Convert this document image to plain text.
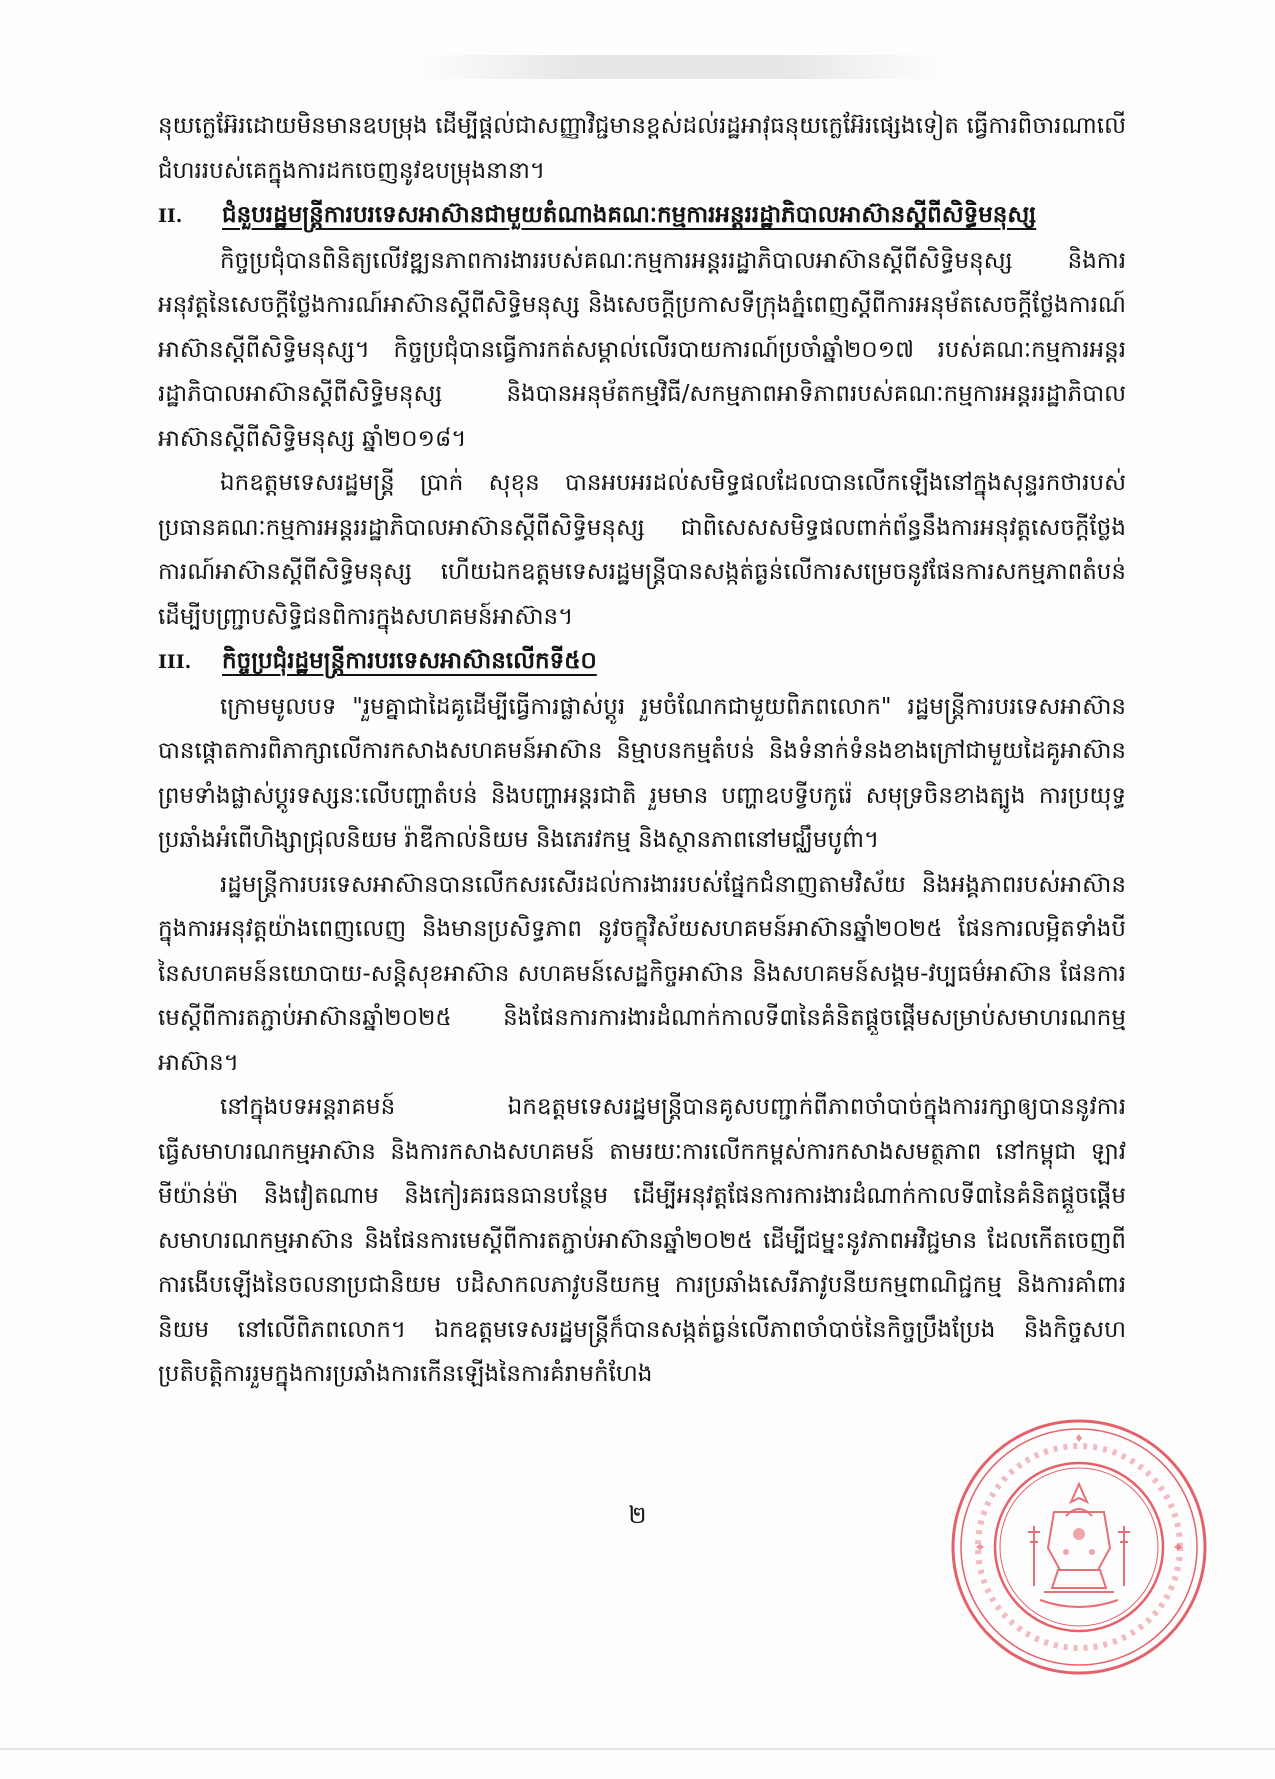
នុយក្លេអ៊ែរដោយមិនមានឧបម្រុង ដើម្បីផ្តល់ជាសញ្ញាវិជ្ជមានខ្ពស់ដល់រដ្ឋអាវុធនុយក្លេអ៊ែរផ្សេងទៀត ធ្វើការពិចារណាលើជំហររបស់គេក្នុងការដកចេញនូវឧបម្រុងនានា។

II.	ជំនួបរដ្ឋមន្ត្រីការបរទេសអាស៊ានជាមួយតំណាងគណៈកម្មការអន្តររដ្ឋាភិបាលអាស៊ានស្តីពីសិទ្ធិមនុស្ស

កិច្ចប្រជុំបានពិនិត្យលើវឌ្ឍនភាពការងាររបស់គណៈកម្មការអន្តររដ្ឋាភិបាលអាស៊ានស្តីពីសិទ្ធិមនុស្ស និងការអនុវត្តនៃសេចក្តីថ្លែងការណ៍អាស៊ានស្តីពីសិទ្ធិមនុស្ស និងសេចក្តីប្រកាសទីក្រុងភ្នំពេញស្តីពីការអនុម័តសេចក្តីថ្លែងការណ៍អាស៊ានស្តីពីសិទ្ធិមនុស្ស។ កិច្ចប្រជុំបានធ្វើការកត់សម្គាល់លើរបាយការណ៍ប្រចាំឆ្នាំ២០១៧ របស់គណៈកម្មការអន្តររដ្ឋាភិបាលអាស៊ានស្តីពីសិទ្ធិមនុស្ស និងបានអនុម័តកម្មវិធី/សកម្មភាពអាទិភាពរបស់គណៈកម្មការអន្តររដ្ឋាភិបាលអាស៊ានស្តីពីសិទ្ធិមនុស្ស ឆ្នាំ២០១៨។

ឯកឧត្តមទេសរដ្ឋមន្ត្រី ប្រាក់ សុខុន បានអបអរដល់សមិទ្ធផលដែលបានលើកឡើងនៅក្នុងសុន្ទរកថារបស់ប្រធានគណៈកម្មការអន្តររដ្ឋាភិបាលអាស៊ានស្តីពីសិទ្ធិមនុស្ស ជាពិសេសសមិទ្ធផលពាក់ព័ន្ធនឹងការអនុវត្តសេចក្តីថ្លែងការណ៍អាស៊ានស្តីពីសិទ្ធិមនុស្ស ហើយឯកឧត្តមទេសរដ្ឋមន្ត្រីបានសង្កត់ធ្ងន់លើការសម្រេចនូវផែនការសកម្មភាពតំបន់ដើម្បីបញ្ជ្រាបសិទ្ធិជនពិការក្នុងសហគមន៍អាស៊ាន។

III.	កិច្ចប្រជុំរដ្ឋមន្ត្រីការបរទេសអាស៊ានលើកទី៥០

ក្រោមមូលបទ "រួមគ្នាជាដៃគូដើម្បីធ្វើការផ្លាស់ប្តូរ រួមចំណែកជាមួយពិភពលោក" រដ្ឋមន្ត្រីការបរទេសអាស៊ានបានផ្តោតការពិភាក្សាលើការកសាងសហគមន៍អាស៊ាន និម្មាបនកម្មតំបន់ និងទំនាក់ទំនងខាងក្រៅជាមួយដៃគូអាស៊ាន ព្រមទាំងផ្លាស់ប្តូរទស្សនៈលើបញ្ហាតំបន់ និងបញ្ហាអន្តរជាតិ រួមមាន បញ្ហាឧបទ្វីបកូរ៉េ សមុទ្រចិនខាងត្បូង ការប្រយុទ្ធប្រឆាំងអំពើហិង្សាជ្រុលនិយម រ៉ាឌីកាល់និយម និងភេរវកម្ម និងស្ថានភាពនៅមជ្ឈឹមបូព៌ា។

រដ្ឋមន្ត្រីការបរទេសអាស៊ានបានលើកសរសើរដល់ការងាររបស់ផ្នែកជំនាញតាមវិស័យ និងអង្គភាពរបស់អាស៊ាន ក្នុងការអនុវត្តយ៉ាងពេញលេញ និងមានប្រសិទ្ធភាព នូវចក្ខុវិស័យសហគមន៍អាស៊ានឆ្នាំ២០២៥ ផែនការលម្អិតទាំងបីនៃសហគមន៍នយោបាយ-សន្តិសុខអាស៊ាន សហគមន៍សេដ្ឋកិច្ចអាស៊ាន និងសហគមន៍សង្គម-វប្បធម៌អាស៊ាន ផែនការមេស្តីពីការតភ្ជាប់អាស៊ានឆ្នាំ២០២៥ និងផែនការការងារដំណាក់កាលទី៣នៃគំនិតផ្តួចផ្តើមសម្រាប់សមាហរណកម្មអាស៊ាន។

នៅក្នុងបទអន្តរាគមន៍ ឯកឧត្តមទេសរដ្ឋមន្ត្រីបានគូសបញ្ជាក់ពីភាពចាំបាច់ក្នុងការរក្សាឲ្យបាននូវការធ្វើសមាហរណកម្មអាស៊ាន និងការកសាងសហគមន៍ តាមរយៈការលើកកម្ពស់ការកសាងសមត្ថភាព នៅកម្ពុជា ឡាវ មីយ៉ាន់ម៉ា និងវៀតណាម និងកៀរគរធនធានបន្ថែម ដើម្បីអនុវត្តផែនការការងារដំណាក់កាលទី៣នៃគំនិតផ្តួចផ្តើមសមាហរណកម្មអាស៊ាន និងផែនការមេស្តីពីការតភ្ជាប់អាស៊ានឆ្នាំ២០២៥ ដើម្បីជម្នះនូវភាពអវិជ្ជមាន ដែលកើតចេញពីការងើបឡើងនៃចលនាប្រជានិយម បដិសាកលភាវូបនីយកម្ម ការប្រឆាំងសេរីភាវូបនីយកម្មពាណិជ្ជកម្ម និងការគាំពារនិយម នៅលើពិភពលោក។ ឯកឧត្តមទេសរដ្ឋមន្ត្រីក៏បានសង្កត់ធ្ងន់លើភាពចាំបាច់នៃកិច្ចប្រឹងប្រែង និងកិច្ចសហប្រតិបត្តិការរួមក្នុងការប្រឆាំងការកើនឡើងនៃការគំរាមកំហែង

២
